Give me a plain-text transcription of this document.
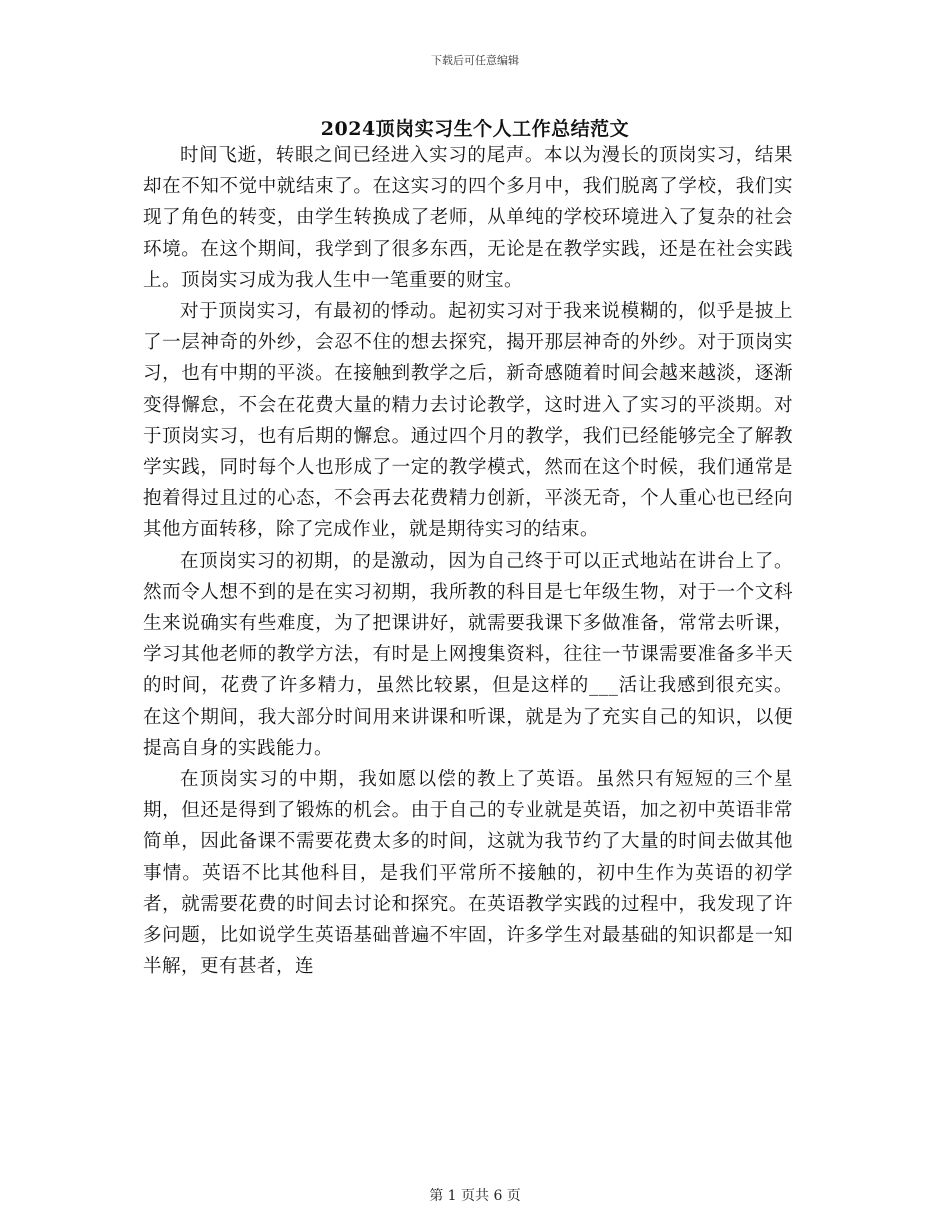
下载后可任意编辑
2024顶岗实习生个人工作总结范文

时间飞逝，转眼之间已经进入实习的尾声。本以为漫长的顶岗实习，结果却在不知不觉中就结束了。在这实习的四个多月中，我们脱离了学校，我们实现了角色的转变，由学生转换成了老师，从单纯的学校环境进入了复杂的社会环境。在这个期间，我学到了很多东西，无论是在教学实践，还是在社会实践上。顶岗实习成为我人生中一笔重要的财宝。

对于顶岗实习，有最初的悸动。起初实习对于我来说模糊的，似乎是披上了一层神奇的外纱，会忍不住的想去探究，揭开那层神奇的外纱。对于顶岗实习，也有中期的平淡。在接触到教学之后，新奇感随着时间会越来越淡，逐渐变得懈怠，不会在花费大量的精力去讨论教学，这时进入了实习的平淡期。对于顶岗实习，也有后期的懈怠。通过四个月的教学，我们已经能够完全了解教学实践，同时每个人也形成了一定的教学模式，然而在这个时候，我们通常是抱着得过且过的心态，不会再去花费精力创新，平淡无奇，个人重心也已经向其他方面转移，除了完成作业，就是期待实习的结束。

在顶岗实习的初期，的是激动，因为自己终于可以正式地站在讲台上了。然而令人想不到的是在实习初期，我所教的科目是七年级生物，对于一个文科生来说确实有些难度，为了把课讲好，就需要我课下多做准备，常常去听课，学习其他老师的教学方法，有时是上网搜集资料，往往一节课需要准备多半天的时间，花费了许多精力，虽然比较累，但是这样的___活让我感到很充实。在这个期间，我大部分时间用来讲课和听课，就是为了充实自己的知识，以便提高自身的实践能力。

在顶岗实习的中期，我如愿以偿的教上了英语。虽然只有短短的三个星期，但还是得到了锻炼的机会。由于自己的专业就是英语，加之初中英语非常简单，因此备课不需要花费太多的时间，这就为我节约了大量的时间去做其他事情。英语不比其他科目，是我们平常所不接触的，初中生作为英语的初学者，就需要花费的时间去讨论和探究。在英语教学实践的过程中，我发现了许多问题，比如说学生英语基础普遍不牢固，许多学生对最基础的知识都是一知半解，更有甚者，连

第 1 页共 6 页
